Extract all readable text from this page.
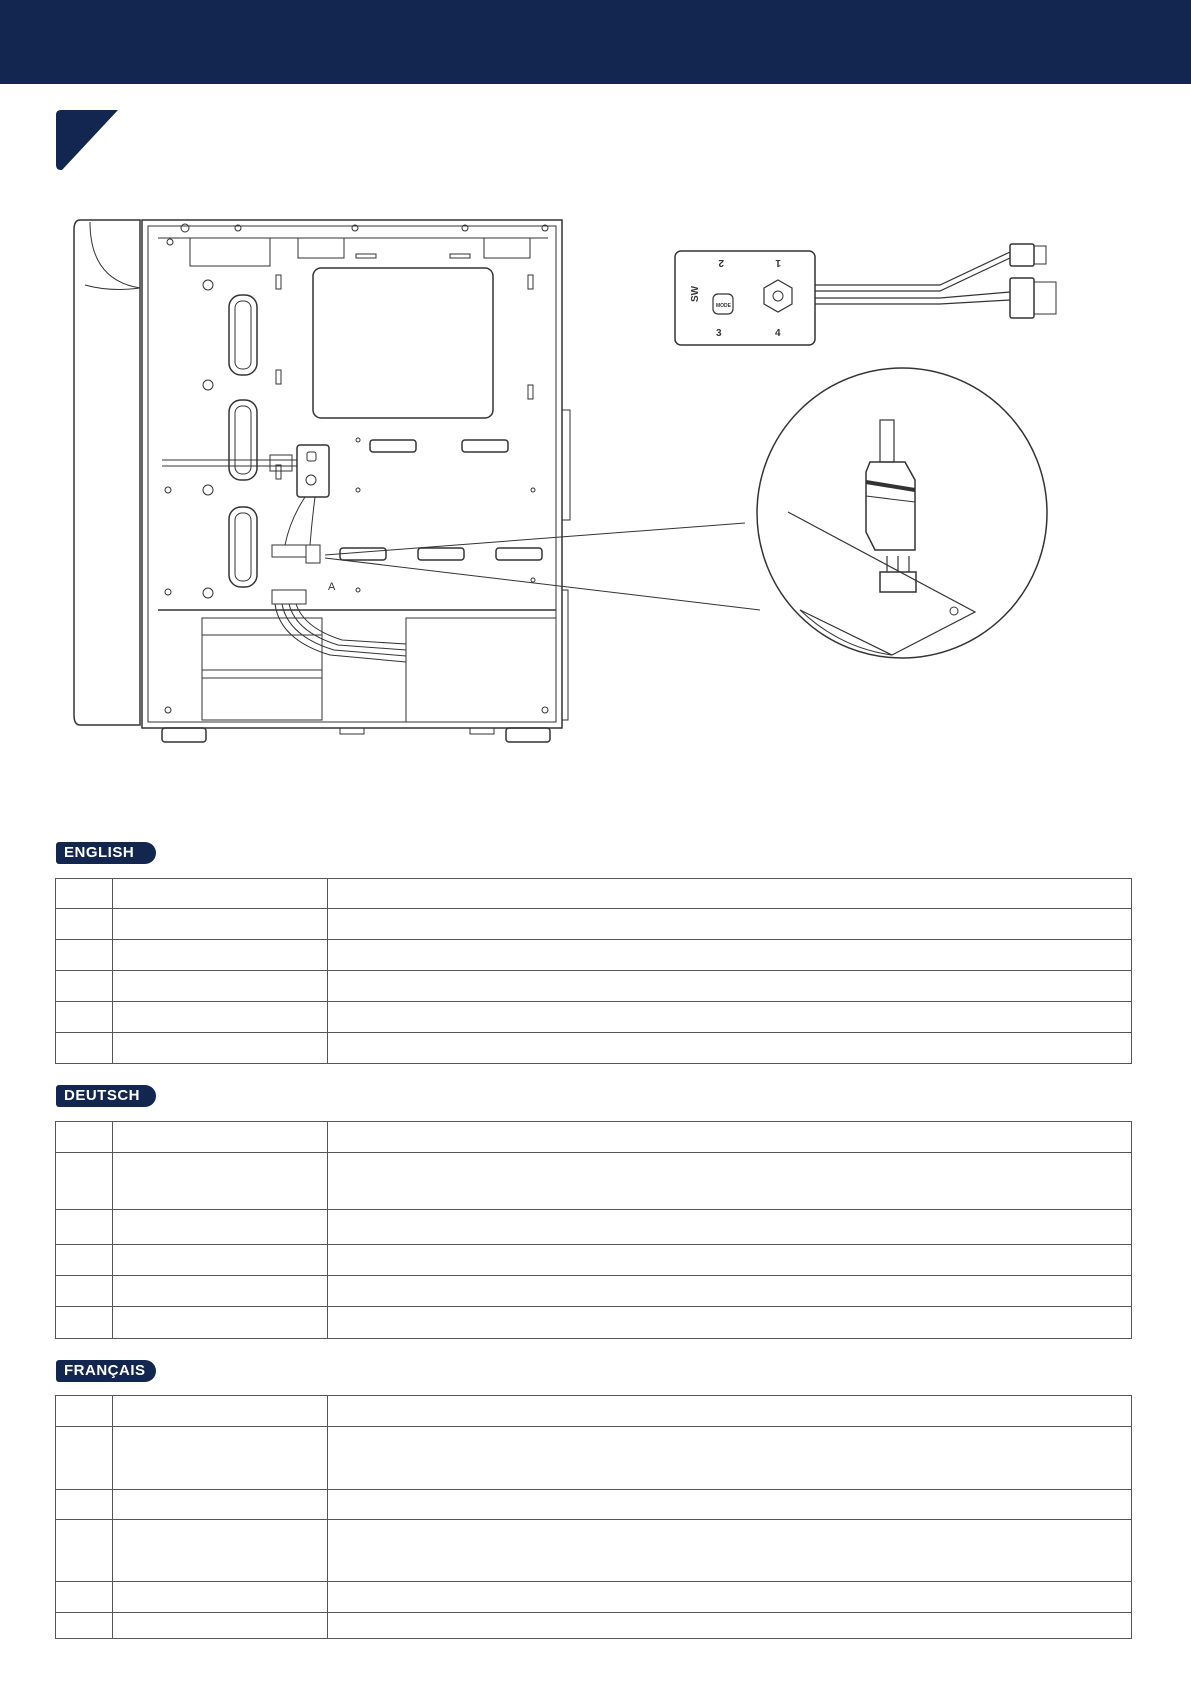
A
SW
1
2
3	4
MODE
ENGLISH

DEUTSCH

FRANÇAIS
